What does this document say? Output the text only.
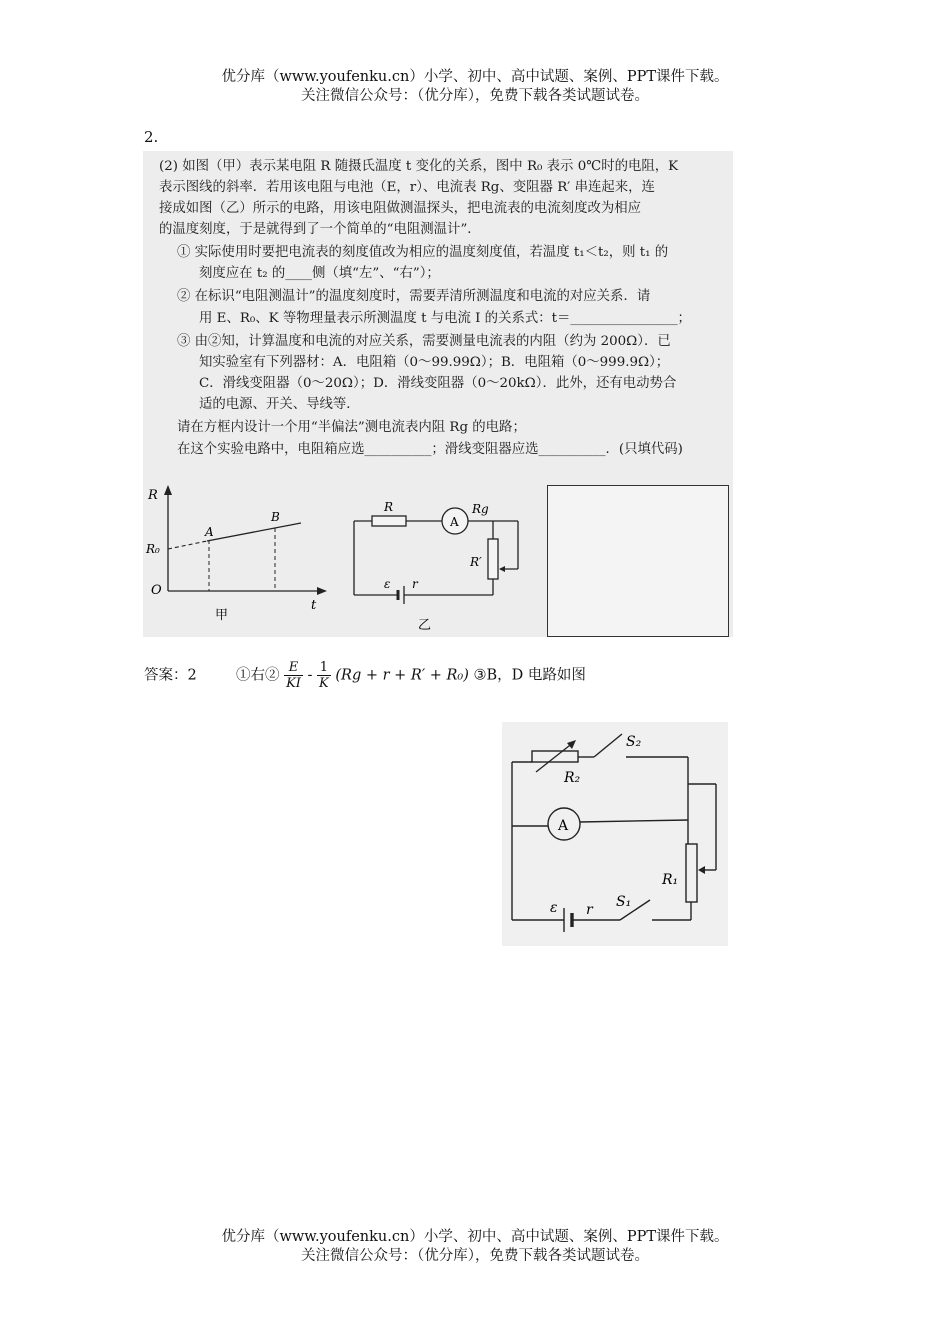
优分库（www.youfenku.cn）小学、初中、高中试题、案例、PPT课件下载。
关注微信公众号：（优分库），免费下载各类试题试卷。
2.
(2) 如图（甲）表示某电阻 R 随摄氏温度 t 变化的关系，图中 R₀ 表示 0℃时的电阻，K
表示图线的斜率．若用该电阻与电池（E，r）、电流表 Rg、变阻器 R′ 串连起来，连
接成如图（乙）所示的电路，用该电阻做测温探头，把电流表的电流刻度改为相应
的温度刻度，于是就得到了一个简单的“电阻测温计”．
① 实际使用时要把电流表的刻度值改为相应的温度刻度值，若温度 t₁＜t₂，则 t₁ 的
刻度应在 t₂ 的____侧（填“左”、“右”）；
② 在标识“电阻测温计”的温度刻度时，需要弄清所测温度和电流的对应关系．请
用 E、R₀、K 等物理量表示所测温度 t 与电流 I 的关系式：t＝________________；
③ 由②知，计算温度和电流的对应关系，需要测量电流表的内阻（约为 200Ω）．已
知实验室有下列器材：A．电阻箱（0～99.99Ω）；B．电阻箱（0～999.9Ω）；
C．滑线变阻器（0～20Ω）；D．滑线变阻器（0～20kΩ）．此外，还有电动势合
适的电源、开关、导线等．
请在方框内设计一个用“半偏法”测电流表内阻 Rg 的电路；
在这个实验电路中，电阻箱应选__________；滑线变阻器应选__________．(只填代码)
R
t
O
R₀
A
B
甲
A
R	Rg
R′
ε r
乙
答案：2	①右② $\frac{E}{KI} - \frac{1}{K} (Rg + r + R' + R_0)$ ③B，D 电路如图
A
S₂
R₂
R₁
ε r S₁
优分库（www.youfenku.cn）小学、初中、高中试题、案例、PPT课件下载。
关注微信公众号：（优分库），免费下载各类试题试卷。
